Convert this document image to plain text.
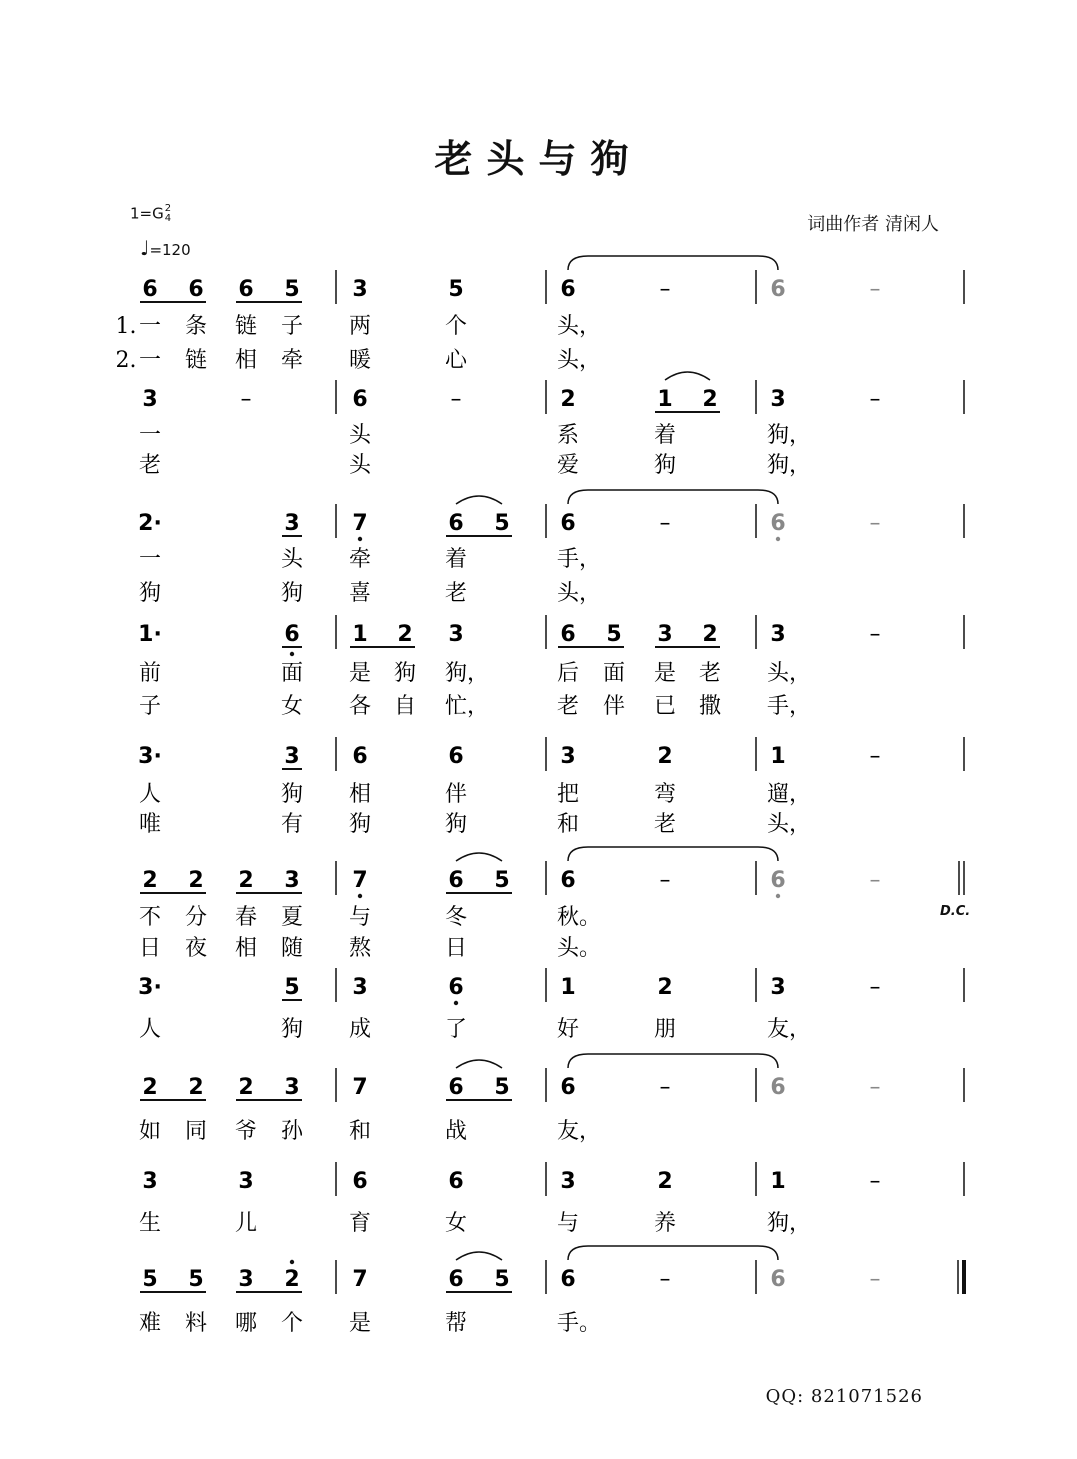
老头与狗
1=G 2
4
♩=120
词曲作者 清闲人
D.C.
QQ: 821071526
6 6 6 5 3	5	6	–	6	–
一 条 链 子 两	个	头，
一 链 相 牵 暖	心	头，
3	–	6	–	2	1 2 3	–
一	头	系	着	狗，
老	头	爱	狗	狗，
2·	3 7	6 5 6	–	6	–
一	头 牵	着	手，
狗	狗 喜	老	头，
1·	6 1 2 3	6 5 3 2 3	–
前	面 是 狗 狗，	后 面 是 老 头，
子	女 各 自 忙，	老 伴 已 撒 手，
3·	3 6	6	3	2	1	–
人	狗 相	伴	把	弯	遛，
唯	有 狗	狗	和	老	头，
2 2 2 3 7	6 5 6	–	6	–
不 分 春 夏 与	冬	秋。
日 夜 相 随 熬	日	头。
3·	5 3	6	1	2	3	–
人	狗 成	了	好	朋	友，
2 2 2 3 7	6 5 6	–	6	–
如 同 爷 孙 和	战	友，
3	3	6	6	3	2	1	–
生	儿	育	女	与	养	狗，
5 5 3 2 7	6 5 6	–	6	–
难 料 哪 个 是	帮	手。
1.
2.
